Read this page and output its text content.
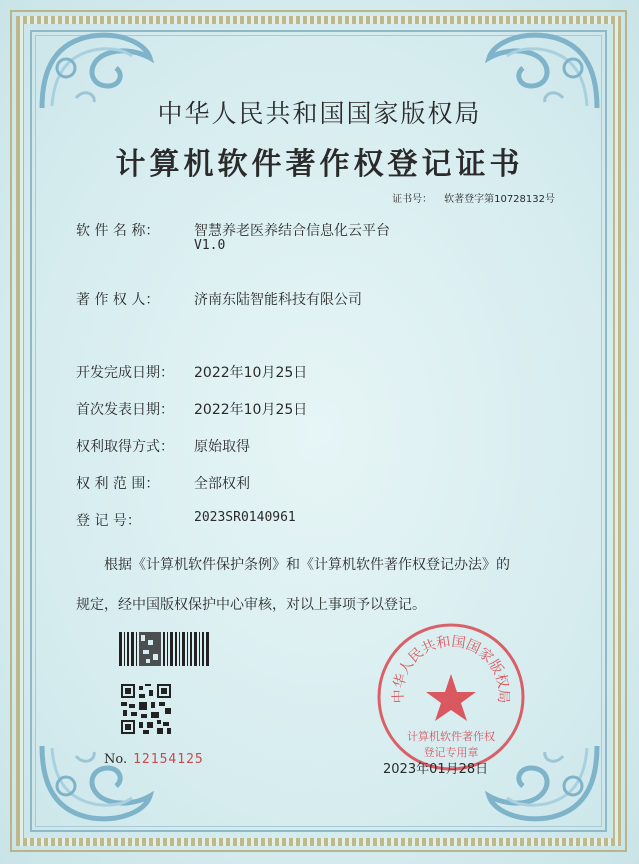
中华人民共和国国家版权局
计算机软件著作权登记证书
证书号： 软著登字第10728132号
软 件 名 称： 智慧养老医养结合信息化云平台
V1.0
著 作 权 人： 济南东陆智能科技有限公司
开发完成日期： 2022年10月25日
首次发表日期： 2022年10月25日
权利取得方式： 原始取得
权 利 范 围： 全部权利
登 记 号：	2023SR0140961
根据《计算机软件保护条例》和《计算机软件著作权登记办法》的
规定，经中国版权保护中心审核，对以上事项予以登记。
No. 12154125
中华人民共和国国家版权局
计算机软件著作权
登记专用章
2023年01月28日
